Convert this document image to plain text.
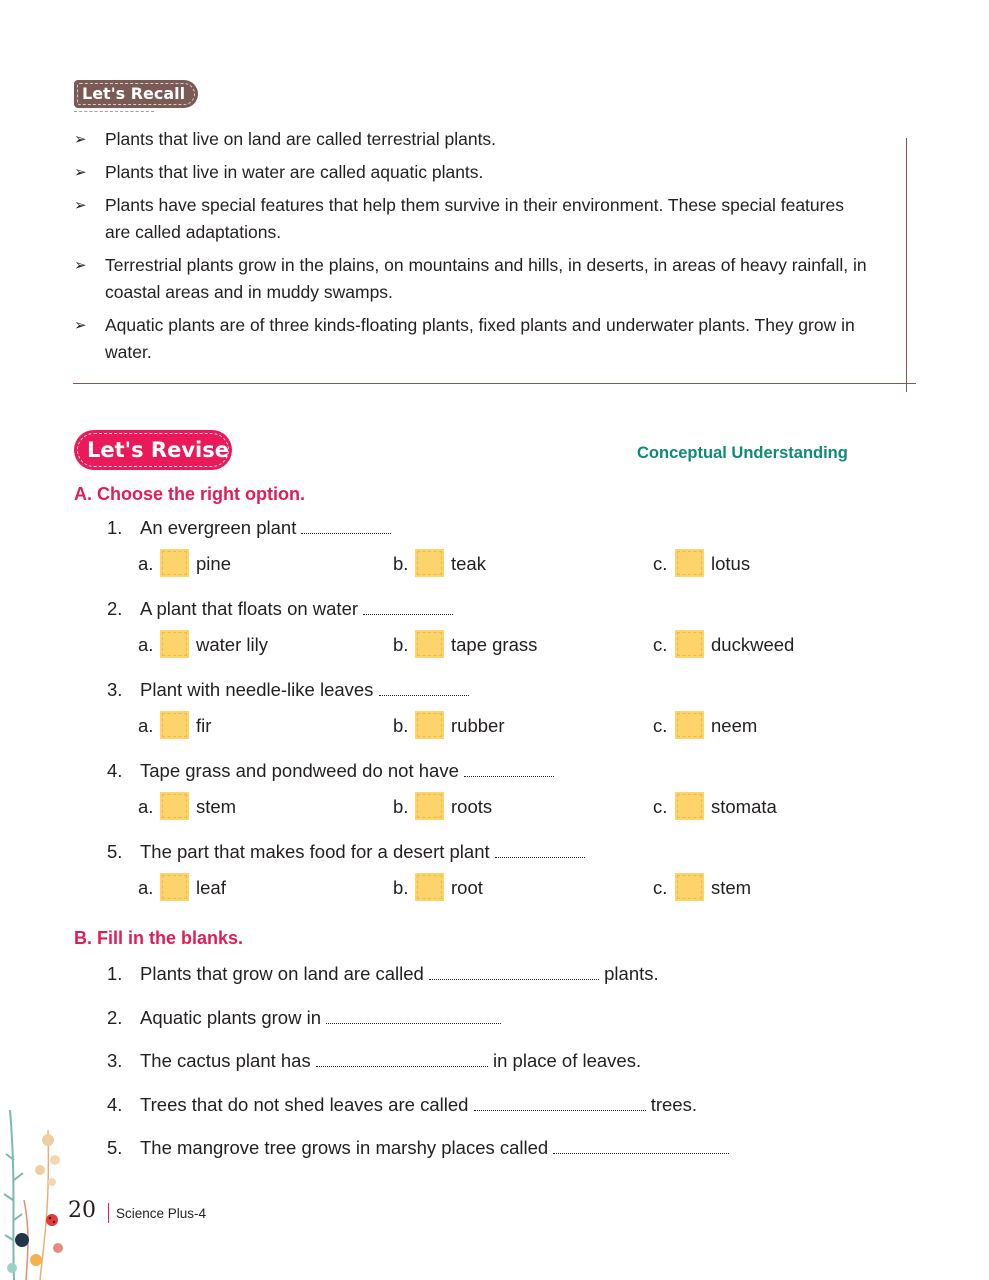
Let's Recall
➢ Plants that live on land are called terrestrial plants.
➢ Plants that live in water are called aquatic plants.
➢ Plants have special features that help them survive in their environment. These special features are called adaptations.
➢ Terrestrial plants grow in the plains, on mountains and hills, in deserts, in areas of heavy rainfall, in coastal areas and in muddy swamps.
➢ Aquatic plants are of three kinds-floating plants, fixed plants and underwater plants. They grow in water.
Let's Revise	Conceptual Understanding
A. Choose the right option.
1. An evergreen plant
a. pine	b. teak	c. lotus
2. A plant that floats on water
a. water lily	b. tape grass	c. duckweed
3. Plant with needle-like leaves
a. fir	b. rubber	c. neem
4. Tape grass and pondweed do not have
a. stem	b. roots	c. stomata
5. The part that makes food for a desert plant
a. leaf	b. root	c. stem
B. Fill in the blanks.
1. Plants that grow on land are called	plants.
2. Aquatic plants grow in
3. The cactus plant has	in place of leaves.
4. Trees that do not shed leaves are called	trees.
5. The mangrove tree grows in marshy places called
20 Science Plus-4
